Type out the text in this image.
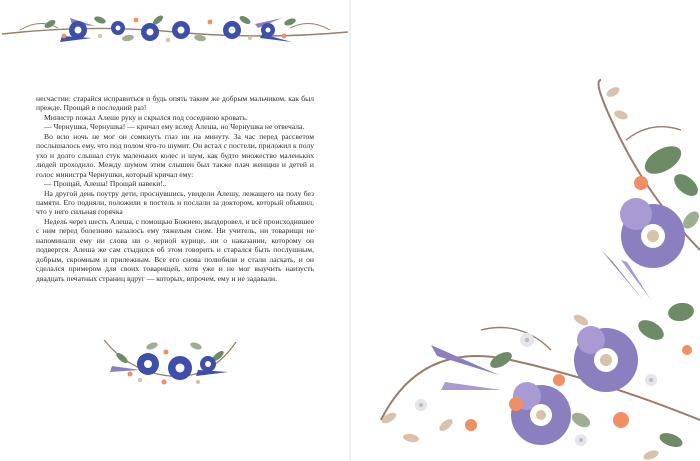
несчастии: старайся исправиться и будь опять таким же добрым мальчиком, как был прежде. Прощай в последний раз!

Министр пожал Алеше руку и скрылся под соседнюю кровать.

— Чернушка, Чернушка! — кричал ему вслед Алеша, но Чернушка не отвечала.

Во всю ночь не мог он сомкнуть глаз ни на минуту. За час перед рассветом послышалось ему, что под полом что-то шумит. Он встал с постели, приложил к полу ухо и долго слышал стук маленьких колес и шум, как будто множество маленьких людей проходило. Между шумом этим слышен был также плач женщин и детей и голос министра Чернушки, который кричал ему:

— Прощай, Алеша! Прощай навеки!..

На другой день поутру дети, проснувшись, увидели Алешу, лежащего на полу без памяти. Его подняли, положили в постель и послали за доктором, который объявил, что у него сильная горячка

Недель через шесть Алеша, с помощью Божиею, выздоровел, и всё происходившее с ним перед болезнию казалось ему тяжелым сном. Ни учитель, ни товарищи не напоминали ему ни слова ни о черной курице, ни о наказании, которому он подвергся. Алеша же сам стыдился об этом говорить и старался быть послушным, добрым, скромным и прилежным. Все его снова полюбили и стали ласкать, и он сделался примером для своих товарищей, хотя уже и не мог выучить наизусть двадцать печатных страниц вдруг — которых, впрочем, ему и не задавали.
